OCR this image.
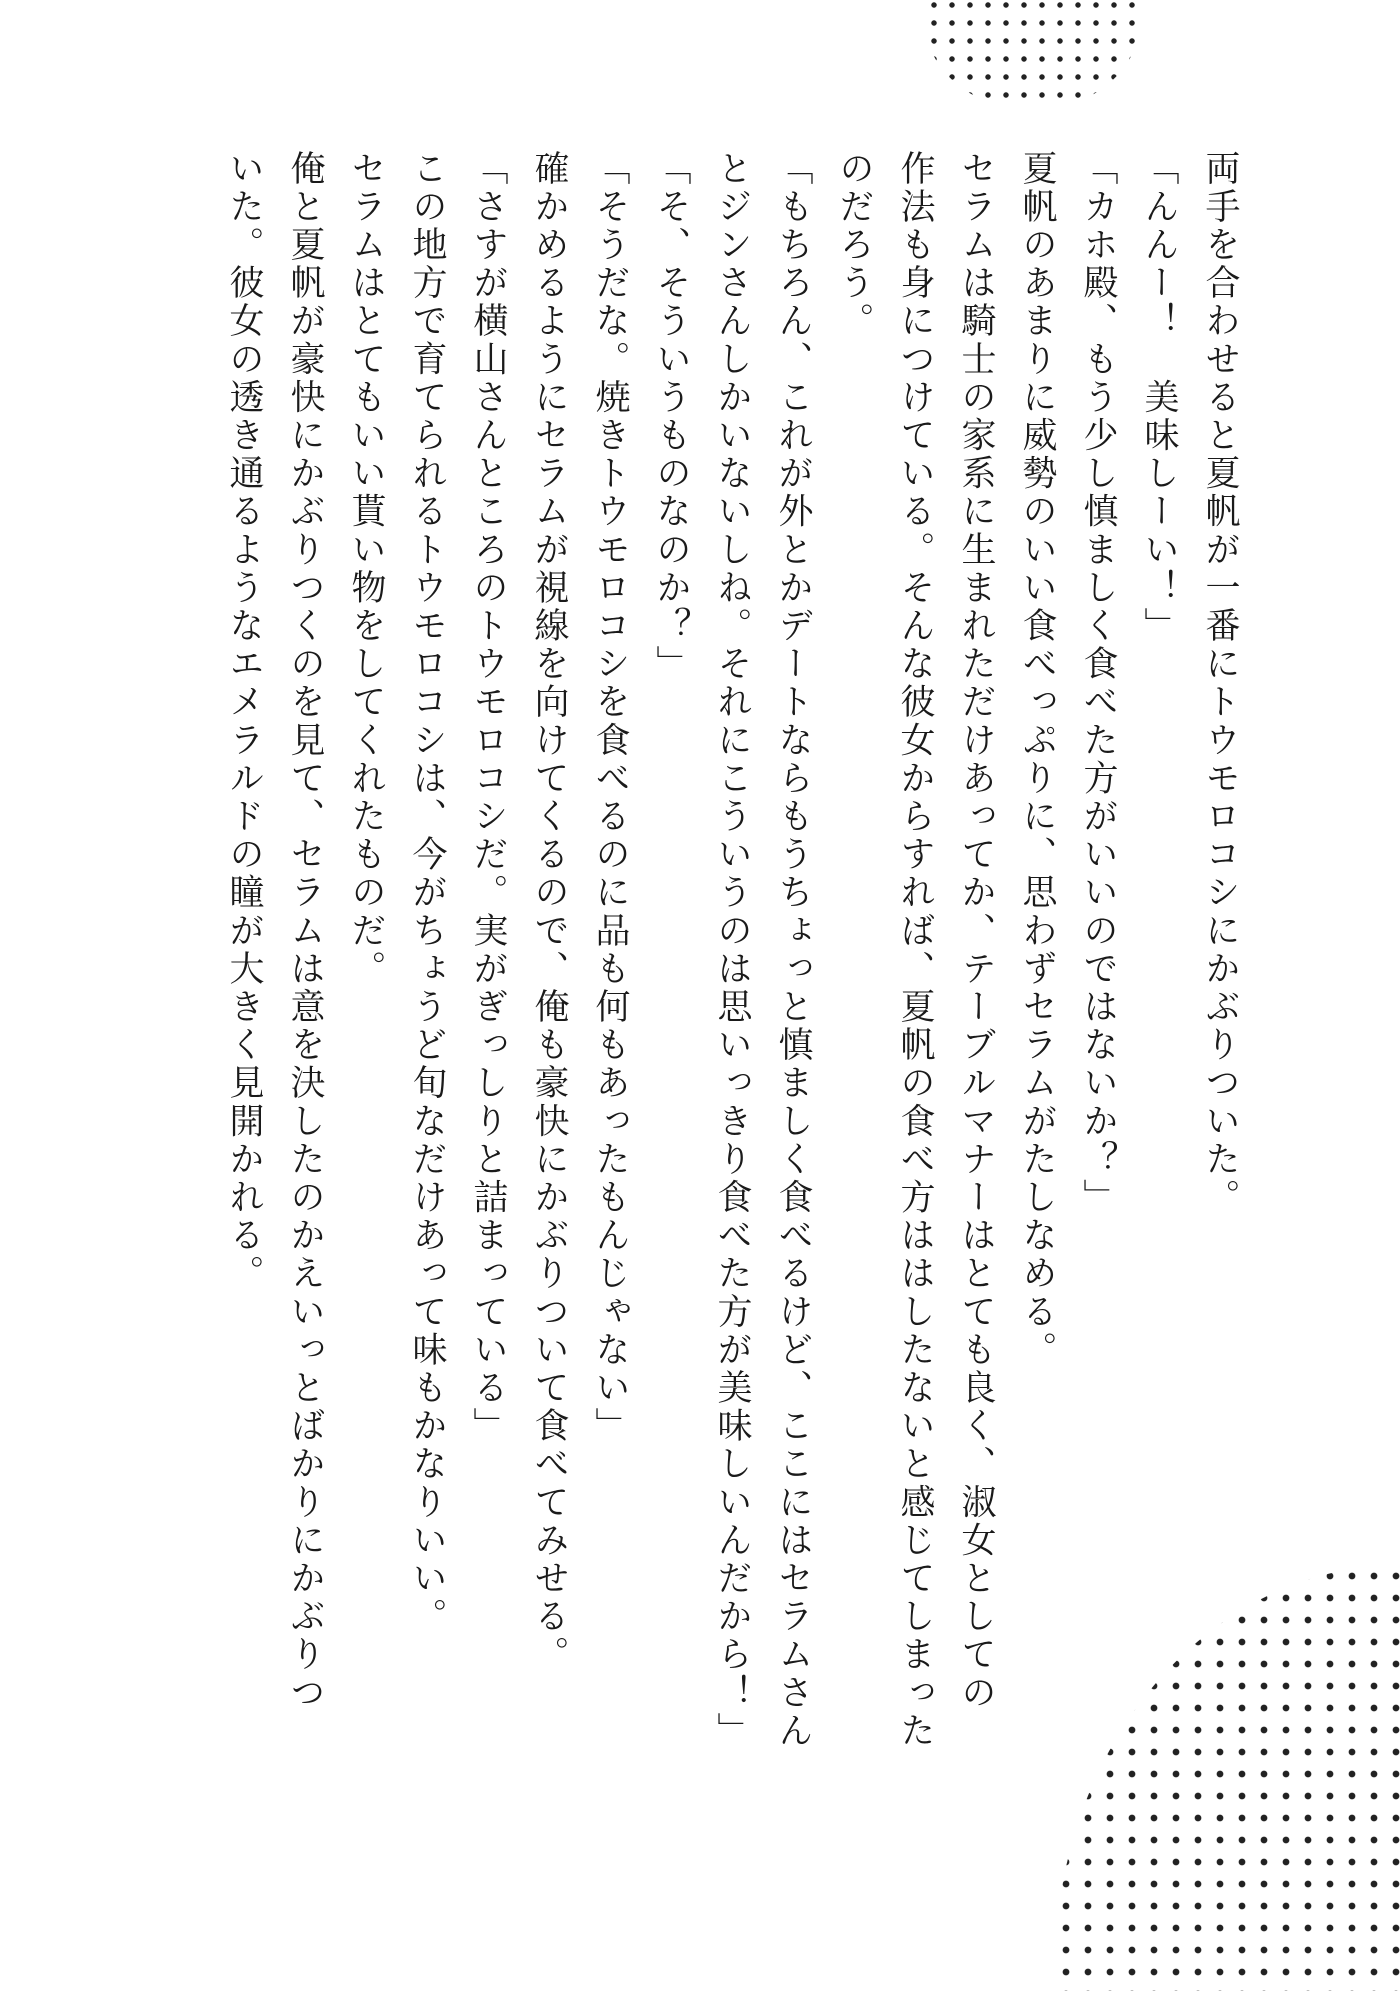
両手を合わせると夏帆が一番にトウモロコシにかぶりついた。
「んんー！　美味しーい！」
「カホ殿、もう少し慎ましく食べた方がいいのではないか？」
夏帆のあまりに威勢のいい食べっぷりに、思わずセラムがたしなめる。
セラムは騎士の家系に生まれただけあってか、テーブルマナーはとても良く、淑女としての
作法も身につけている。そんな彼女からすれば、夏帆の食べ方ははしたないと感じてしまった
のだろう。
「もちろん、これが外とかデートならもうちょっと慎ましく食べるけど、ここにはセラムさん
とジンさんしかいないしね。それにこういうのは思いっきり食べた方が美味しいんだから！」
「そ、そういうものなのか？」
「そうだな。焼きトウモロコシを食べるのに品も何もあったもんじゃない」
確かめるようにセラムが視線を向けてくるので、俺も豪快にかぶりついて食べてみせる。
「さすが横山さんところのトウモロコシだ。実がぎっしりと詰まっている」
この地方で育てられるトウモロコシは、今がちょうど旬なだけあって味もかなりいい。
セラムはとてもいい貰い物をしてくれたものだ。
俺と夏帆が豪快にかぶりつくのを見て、セラムは意を決したのかえいっとばかりにかぶりつ
いた。彼女の透き通るようなエメラルドの瞳が大きく見開かれる。
